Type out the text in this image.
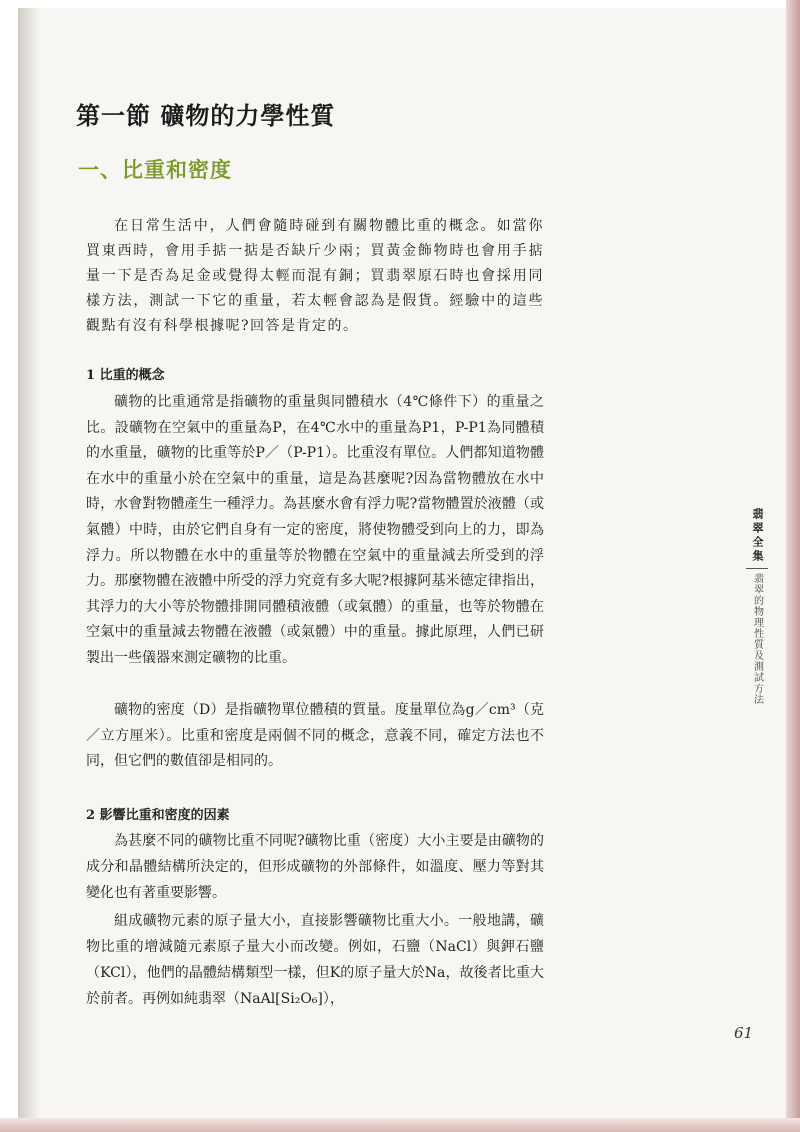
第一節 礦物的力學性質
一、比重和密度

在日常生活中，人們會隨時碰到有關物體比重的概念。如當你買東西時，會用手掂一掂是否缺斤少兩；買黃金飾物時也會用手掂量一下是否為足金或覺得太輕而混有銅；買翡翠原石時也會採用同樣方法，測試一下它的重量，若太輕會認為是假貨。經驗中的這些觀點有沒有科學根據呢?回答是肯定的。

1 比重的概念

礦物的比重通常是指礦物的重量與同體積水（4℃條件下）的重量之比。設礦物在空氣中的重量為P，在4℃水中的重量為P1，P-P1為同體積的水重量，礦物的比重等於P／（P-P1）。比重沒有單位。人們都知道物體在水中的重量小於在空氣中的重量，這是為甚麼呢?因為當物體放在水中時，水會對物體產生一種浮力。為甚麼水會有浮力呢?當物體置於液體（或氣體）中時，由於它們自身有一定的密度，將使物體受到向上的力，即為浮力。所以物體在水中的重量等於物體在空氣中的重量減去所受到的浮力。那麼物體在液體中所受的浮力究竟有多大呢?根據阿基米德定律指出，其浮力的大小等於物體排開同體積液體（或氣體）的重量，也等於物體在空氣中的重量減去物體在液體（或氣體）中的重量。據此原理，人們已研製出一些儀器來測定礦物的比重。

礦物的密度（D）是指礦物單位體積的質量。度量單位為g／cm³（克／立方厘米）。比重和密度是兩個不同的概念，意義不同，確定方法也不同，但它們的數值卻是相同的。

2 影響比重和密度的因素

為甚麼不同的礦物比重不同呢?礦物比重（密度）大小主要是由礦物的成分和晶體結構所決定的，但形成礦物的外部條件，如溫度、壓力等對其變化也有著重要影響。

組成礦物元素的原子量大小，直接影響礦物比重大小。一般地講，礦物比重的增減隨元素原子量大小而改變。例如，石鹽（NaCl）與鉀石鹽（KCl），他們的晶體結構類型一樣，但K的原子量大於Na，故後者比重大於前者。再例如純翡翠（NaAl[Si₂O₆]），

翡翠全集
翡翠的物理性質及測試方法
61
